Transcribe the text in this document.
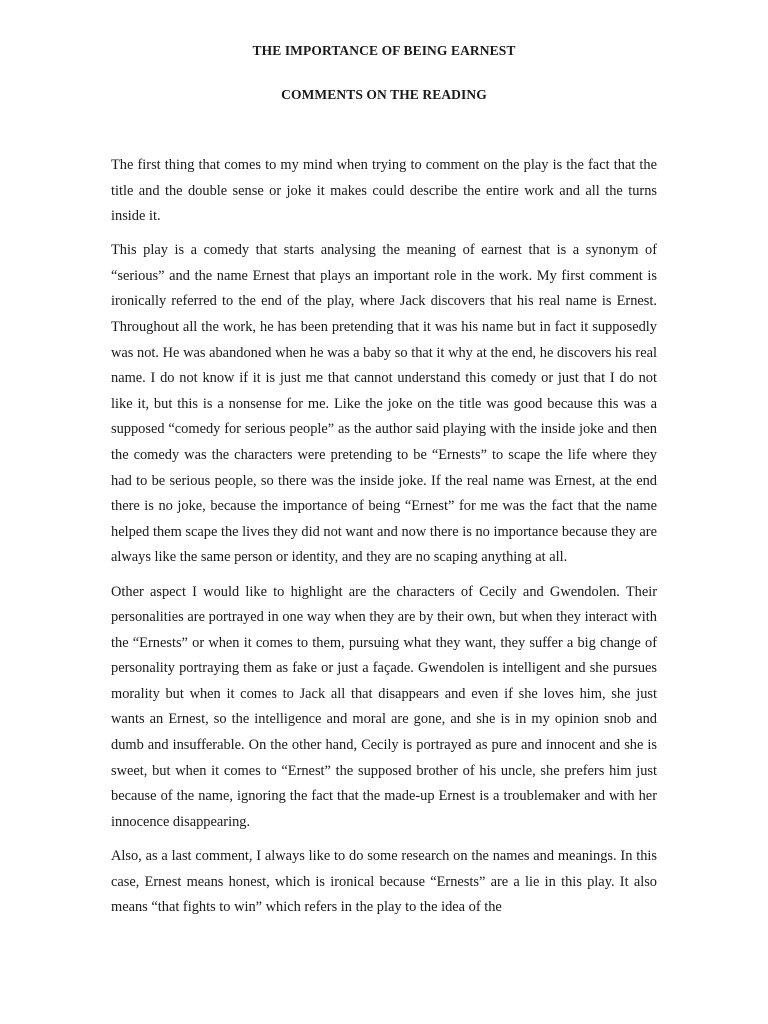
THE IMPORTANCE OF BEING EARNEST
COMMENTS ON THE READING

The first thing that comes to my mind when trying to comment on the play is the fact that the title and the double sense or joke it makes could describe the entire work and all the turns inside it.

This play is a comedy that starts analysing the meaning of earnest that is a synonym of “serious” and the name Ernest that plays an important role in the work. My first comment is ironically referred to the end of the play, where Jack discovers that his real name is Ernest. Throughout all the work, he has been pretending that it was his name but in fact it supposedly was not. He was abandoned when he was a baby so that it why at the end, he discovers his real name. I do not know if it is just me that cannot understand this comedy or just that I do not like it, but this is a nonsense for me. Like the joke on the title was good because this was a supposed “comedy for serious people” as the author said playing with the inside joke and then the comedy was the characters were pretending to be “Ernests” to scape the life where they had to be serious people, so there was the inside joke. If the real name was Ernest, at the end there is no joke, because the importance of being “Ernest” for me was the fact that the name helped them scape the lives they did not want and now there is no importance because they are always like the same person or identity, and they are no scaping anything at all.

Other aspect I would like to highlight are the characters of Cecily and Gwendolen. Their personalities are portrayed in one way when they are by their own, but when they interact with the “Ernests” or when it comes to them, pursuing what they want, they suffer a big change of personality portraying them as fake or just a façade. Gwendolen is intelligent and she pursues morality but when it comes to Jack all that disappears and even if she loves him, she just wants an Ernest, so the intelligence and moral are gone, and she is in my opinion snob and dumb and insufferable. On the other hand, Cecily is portrayed as pure and innocent and she is sweet, but when it comes to “Ernest” the supposed brother of his uncle, she prefers him just because of the name, ignoring the fact that the made-up Ernest is a troublemaker and with her innocence disappearing.

Also, as a last comment, I always like to do some research on the names and meanings. In this case, Ernest means honest, which is ironical because “Ernests” are a lie in this play. It also means “that fights to win” which refers in the play to the idea of the
